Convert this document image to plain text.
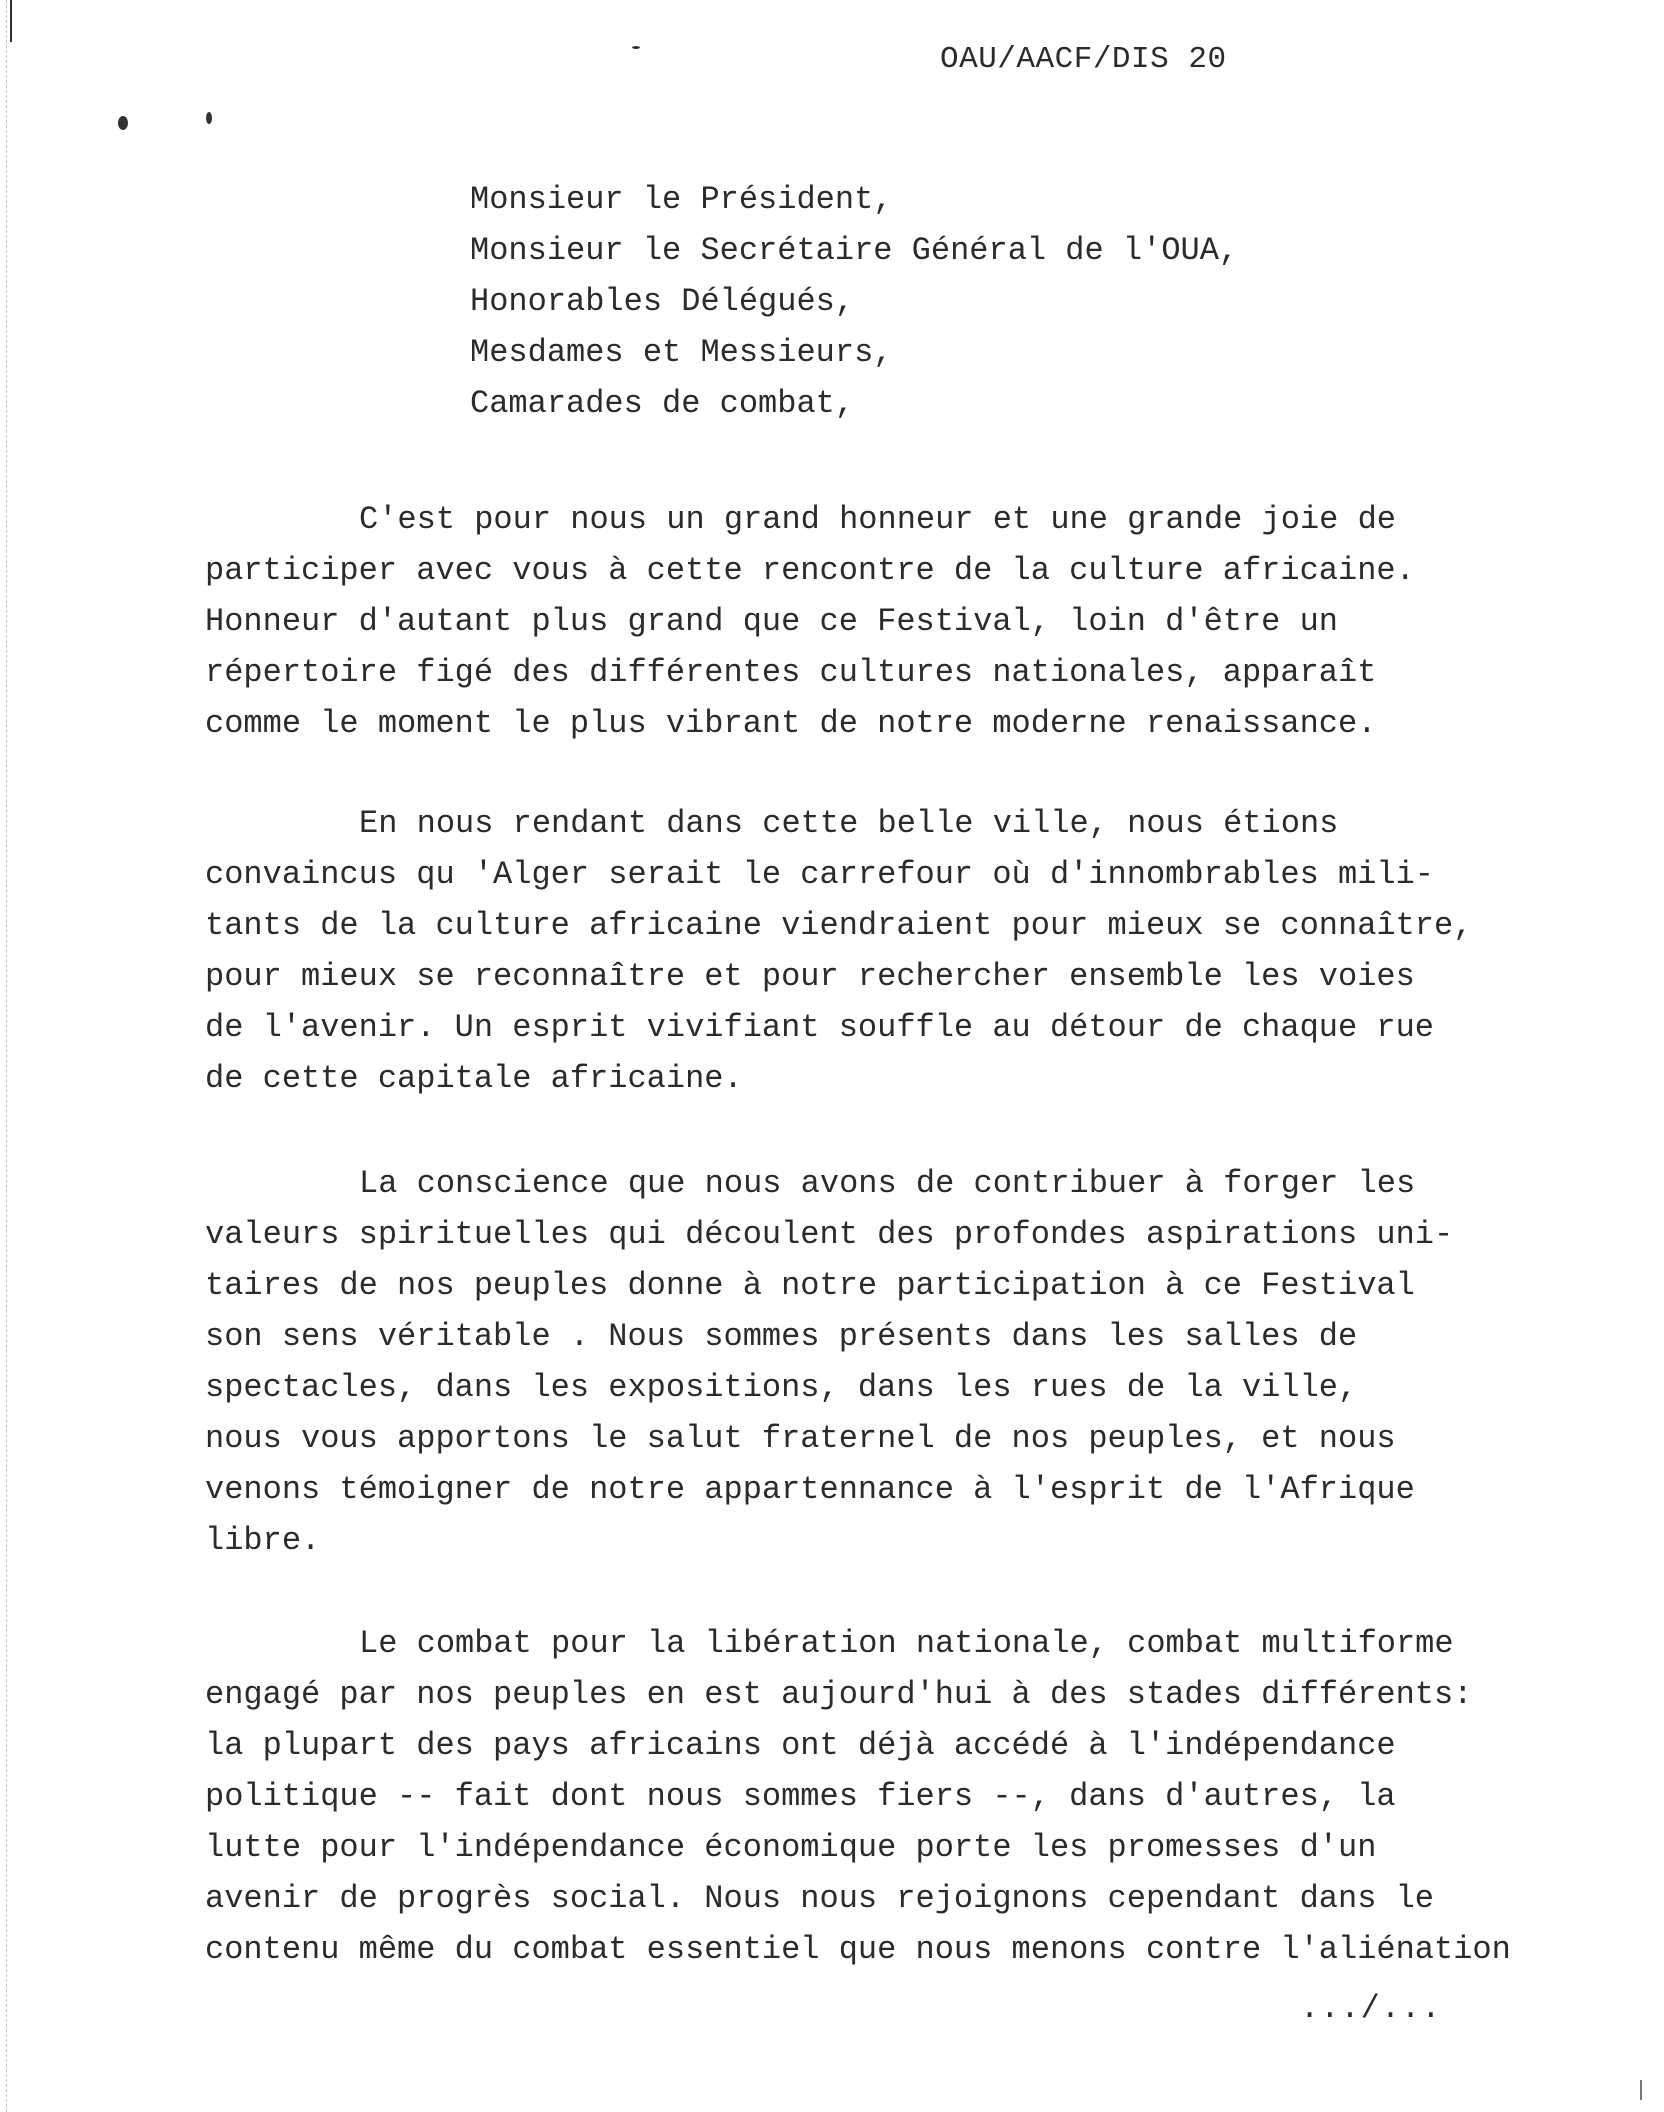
OAU/AACF/DIS 20
Monsieur le Président,
Monsieur le Secrétaire Général de l'OUA,
Honorables Délégués,
Mesdames et Messieurs,
Camarades de combat,
C'est pour nous un grand honneur et une grande joie de
participer avec vous à cette rencontre de la culture africaine.
Honneur d'autant plus grand que ce Festival, loin d'être un
répertoire figé des différentes cultures nationales, apparaît
comme le moment le plus vibrant de notre moderne renaissance.
En nous rendant dans cette belle ville, nous étions
convaincus qu 'Alger serait le carrefour où d'innombrables mili-
tants de la culture africaine viendraient pour mieux se connaître,
pour mieux se reconnaître et pour rechercher ensemble les voies
de l'avenir. Un esprit vivifiant souffle au détour de chaque rue
de cette capitale africaine.
La conscience que nous avons de contribuer à forger les
valeurs spirituelles qui découlent des profondes aspirations uni-
taires de nos peuples donne à notre participation à ce Festival
son sens véritable . Nous sommes présents dans les salles de
spectacles, dans les expositions, dans les rues de la ville,
nous vous apportons le salut fraternel de nos peuples, et nous
venons témoigner de notre appartennance à l'esprit de l'Afrique
libre.
Le combat pour la libération nationale, combat multiforme
engagé par nos peuples en est aujourd'hui à des stades différents:
la plupart des pays africains ont déjà accédé à l'indépendance
politique -- fait dont nous sommes fiers --, dans d'autres, la
lutte pour l'indépendance économique porte les promesses d'un
avenir de progrès social. Nous nous rejoignons cependant dans le
contenu même du combat essentiel que nous menons contre l'aliénation
.../...
